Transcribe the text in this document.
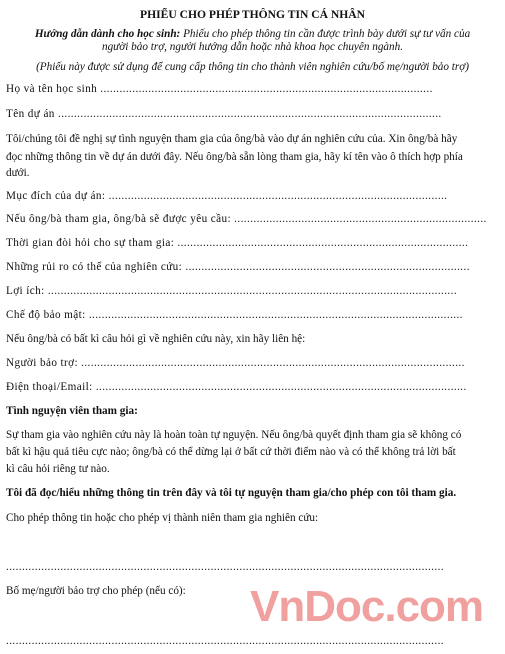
PHIẾU CHO PHÉP THÔNG TIN CÁ NHÂN
Hướng dẫn dành cho học sinh: Phiếu cho phép thông tin cần được trình bày dưới sự tư vấn của
người bảo trợ, người hướng dẫn hoặc nhà khoa học chuyên ngành.
(Phiếu này được sử dụng để cung cấp thông tin cho thành viên nghiên cứu/bố mẹ/người bảo trợ)
Họ và tên học sinh ........................................................................................................
Tên dự án ........................................................................................................................
Tôi/chúng tôi đề nghị sự tình nguyện tham gia của ông/bà vào dự án nghiên cứu của. Xin ông/bà hãy
đọc những thông tin về dự án dưới đây. Nếu ông/bà sẵn lòng tham gia, hãy kí tên vào ô thích hợp phía
dưới.
Mục đích của dự án: ..........................................................................................................
Nếu ông/bà tham gia, ông/bà sẽ được yêu cầu: ...............................................................................
Thời gian đòi hỏi cho sự tham gia: ...........................................................................................
Những rủi ro có thể của nghiên cứu: .........................................................................................
Lợi ích: ................................................................................................................................
Chế độ bảo mật: .....................................................................................................................
Nếu ông/bà có bất kì câu hỏi gì về nghiên cứu này, xin hãy liên hệ:
Người bảo trợ: ........................................................................................................................
Điện thoại/Email: ....................................................................................................................
Tình nguyện viên tham gia:
Sự tham gia vào nghiên cứu này là hoàn toàn tự nguyện. Nếu ông/bà quyết định tham gia sẽ không có
bất kì hậu quả tiêu cực nào; ông/bà có thể dừng lại ở bất cứ thời điểm nào và có thể không trả lời bất
kì câu hỏi riêng tư nào.
Tôi đã đọc/hiểu những thông tin trên đây và tôi tự nguyện tham gia/cho phép con tôi tham gia.
Cho phép thông tin hoặc cho phép vị thành niên tham gia nghiên cứu:
.........................................................................................................................................
Bố mẹ/người bảo trợ cho phép (nếu có):
.........................................................................................................................................
VnDoc.com
